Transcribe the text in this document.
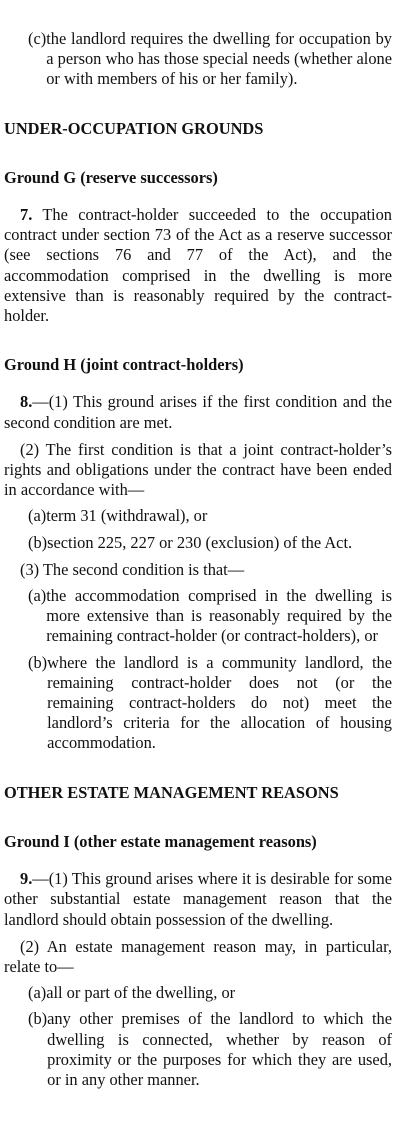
(c) the landlord requires the dwelling for occupation by a person who has those special needs (whether alone or with members of his or her family).
UNDER-OCCUPATION GROUNDS
Ground G (reserve successors)

7. The contract-holder succeeded to the occupation contract under section 73 of the Act as a reserve successor (see sections 76 and 77 of the Act), and the accommodation comprised in the dwelling is more extensive than is reasonably required by the contract-holder.

Ground H (joint contract-holders)

8.—(1) This ground arises if the first condition and the second condition are met.

(2) The first condition is that a joint contract-holder’s rights and obligations under the contract have been ended in accordance with—

(a) term 31 (withdrawal), or
(b) section 225, 227 or 230 (exclusion) of the Act.

(3) The second condition is that—

(a) the accommodation comprised in the dwelling is more extensive than is reasonably required by the remaining contract-holder (or contract-holders), or
(b) where the landlord is a community landlord, the remaining contract-holder does not (or the remaining contract-holders do not) meet the landlord’s criteria for the allocation of housing accommodation.
OTHER ESTATE MANAGEMENT REASONS
Ground I (other estate management reasons)

9.—(1) This ground arises where it is desirable for some other substantial estate management reason that the landlord should obtain possession of the dwelling.

(2) An estate management reason may, in particular, relate to—

(a) all or part of the dwelling, or
(b) any other premises of the landlord to which the dwelling is connected, whether by reason of proximity or the purposes for which they are used, or in any other manner.
